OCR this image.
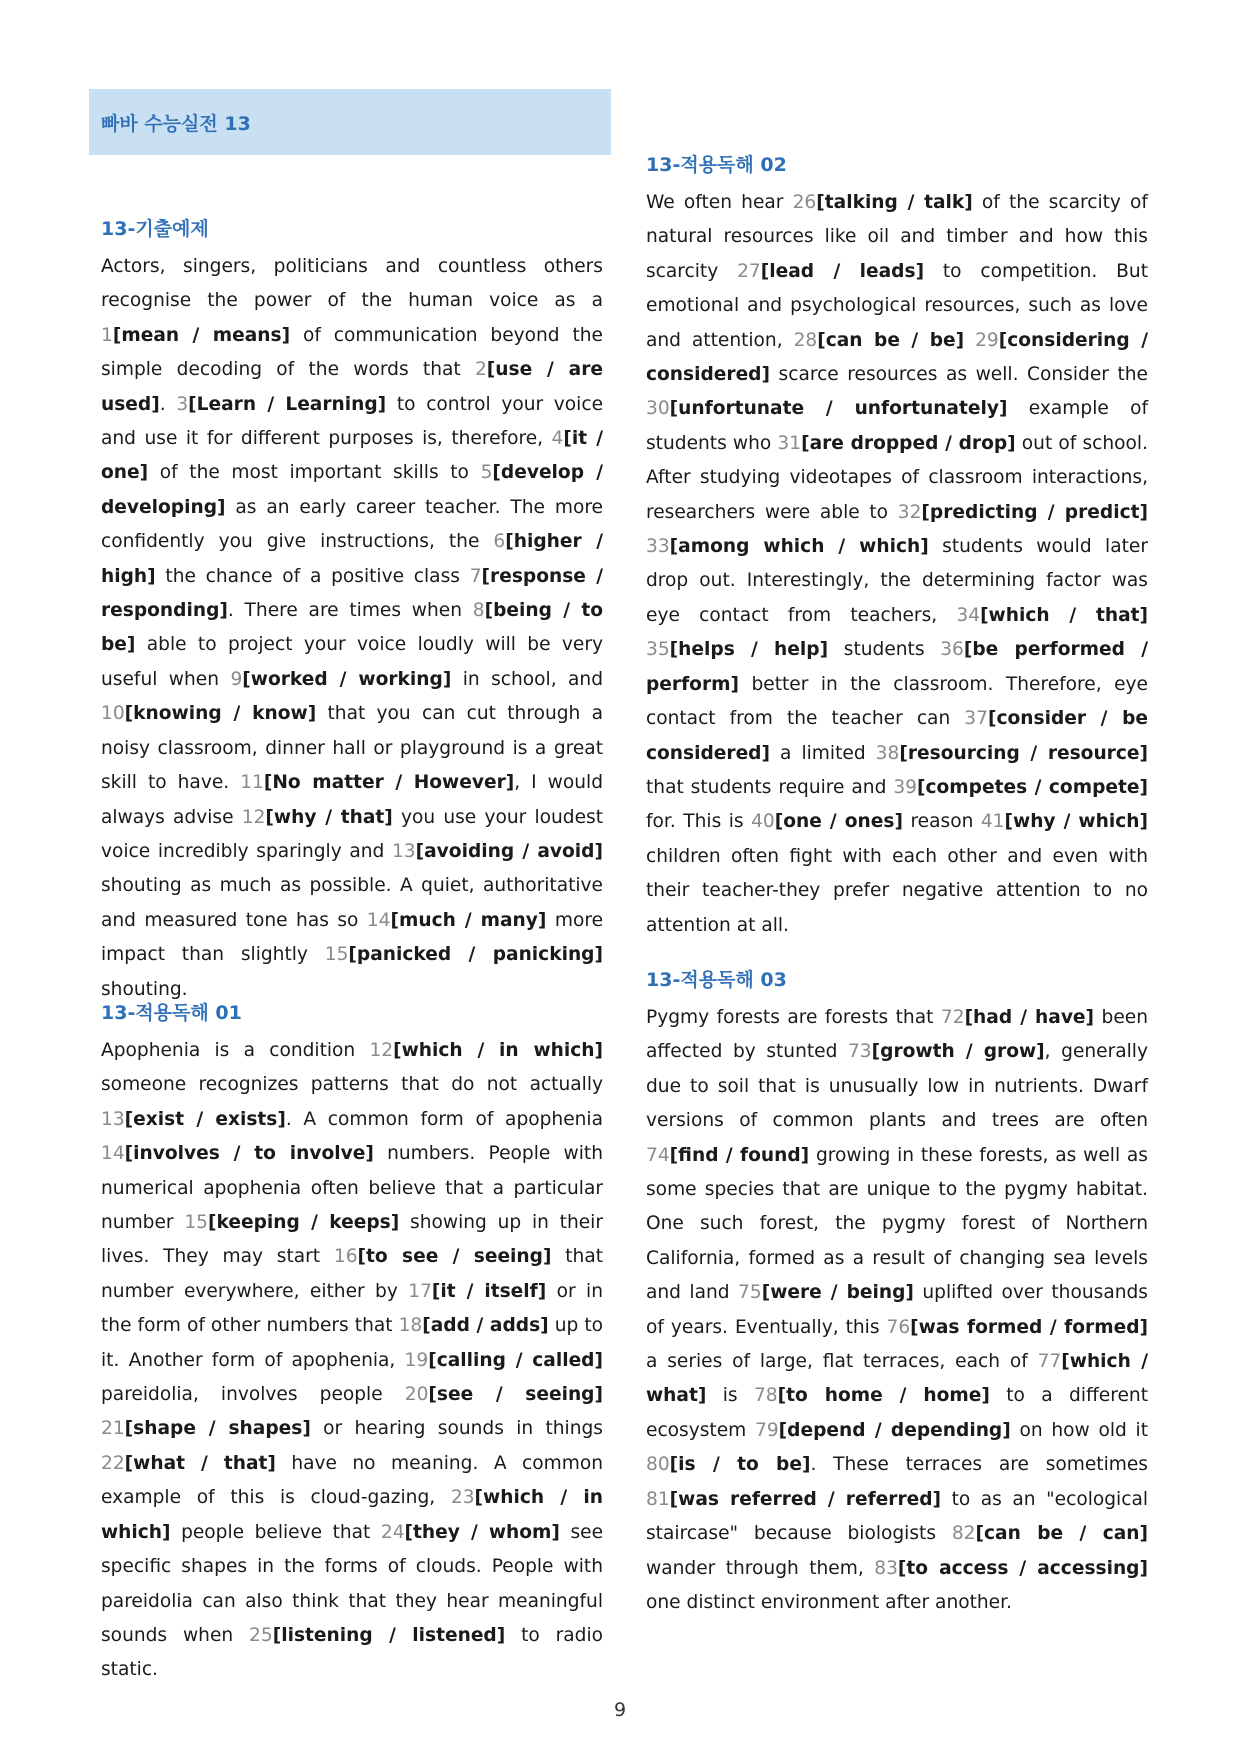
빠바 수능실전 13
13-기출예제

Actors, singers, politicians and countless others recognise the power of the human voice as a 1[mean / means] of communication beyond the simple decoding of the words that 2[use / are used]. 3[Learn / Learning] to control your voice and use it for different purposes is, therefore, 4[it / one] of the most important skills to 5[develop / developing] as an early career teacher. The more confidently you give instructions, the 6[higher / high] the chance of a positive class 7[response / responding]. There are times when 8[being / to be] able to project your voice loudly will be very useful when 9[worked / working] in school, and 10[knowing / know] that you can cut through a noisy classroom, dinner hall or playground is a great skill to have. 11[No matter / However], I would always advise 12[why / that] you use your loudest voice incredibly sparingly and 13[avoiding / avoid] shouting as much as possible. A quiet, authoritative and measured tone has so 14[much / many] more impact than slightly 15[panicked / panicking] shouting.

13-적용독해 01

Apophenia is a condition 12[which / in which] someone recognizes patterns that do not actually 13[exist / exists]. A common form of apophenia 14[involves / to involve] numbers. People with numerical apophenia often believe that a particular number 15[keeping / keeps] showing up in their lives. They may start 16[to see / seeing] that number everywhere, either by 17[it / itself] or in the form of other numbers that 18[add / adds] up to it. Another form of apophenia, 19[calling / called] pareidolia, involves people 20[see / seeing] 21[shape / shapes] or hearing sounds in things 22[what / that] have no meaning. A common example of this is cloud-gazing, 23[which / in which] people believe that 24[they / whom] see specific shapes in the forms of clouds. People with pareidolia can also think that they hear meaningful sounds when 25[listening / listened] to radio static.

13-적용독해 02

We often hear 26[talking / talk] of the scarcity of natural resources like oil and timber and how this scarcity 27[lead / leads] to competition. But emotional and psychological resources, such as love and attention, 28[can be / be] 29[considering / considered] scarce resources as well. Consider the 30[unfortunate / unfortunately] example of students who 31[are dropped / drop] out of school. After studying videotapes of classroom interactions, researchers were able to 32[predicting / predict] 33[among which / which] students would later drop out. Interestingly, the determining factor was eye contact from teachers, 34[which / that] 35[helps / help] students 36[be performed / perform] better in the classroom. Therefore, eye contact from the teacher can 37[consider / be considered] a limited 38[resourcing / resource] that students require and 39[competes / compete] for. This is 40[one / ones] reason 41[why / which] children often fight with each other and even with their teacher-they prefer negative attention to no attention at all.

13-적용독해 03

Pygmy forests are forests that 72[had / have] been affected by stunted 73[growth / grow], generally due to soil that is unusually low in nutrients. Dwarf versions of common plants and trees are often 74[find / found] growing in these forests, as well as some species that are unique to the pygmy habitat. One such forest, the pygmy forest of Northern California, formed as a result of changing sea levels and land 75[were / being] uplifted over thousands of years. Eventually, this 76[was formed / formed] a series of large, flat terraces, each of 77[which / what] is 78[to home / home] to a different ecosystem 79[depend / depending] on how old it 80[is / to be]. These terraces are sometimes 81[was referred / referred] to as an "ecological staircase" because biologists 82[can be / can] wander through them, 83[to access / accessing] one distinct environment after another.

9
